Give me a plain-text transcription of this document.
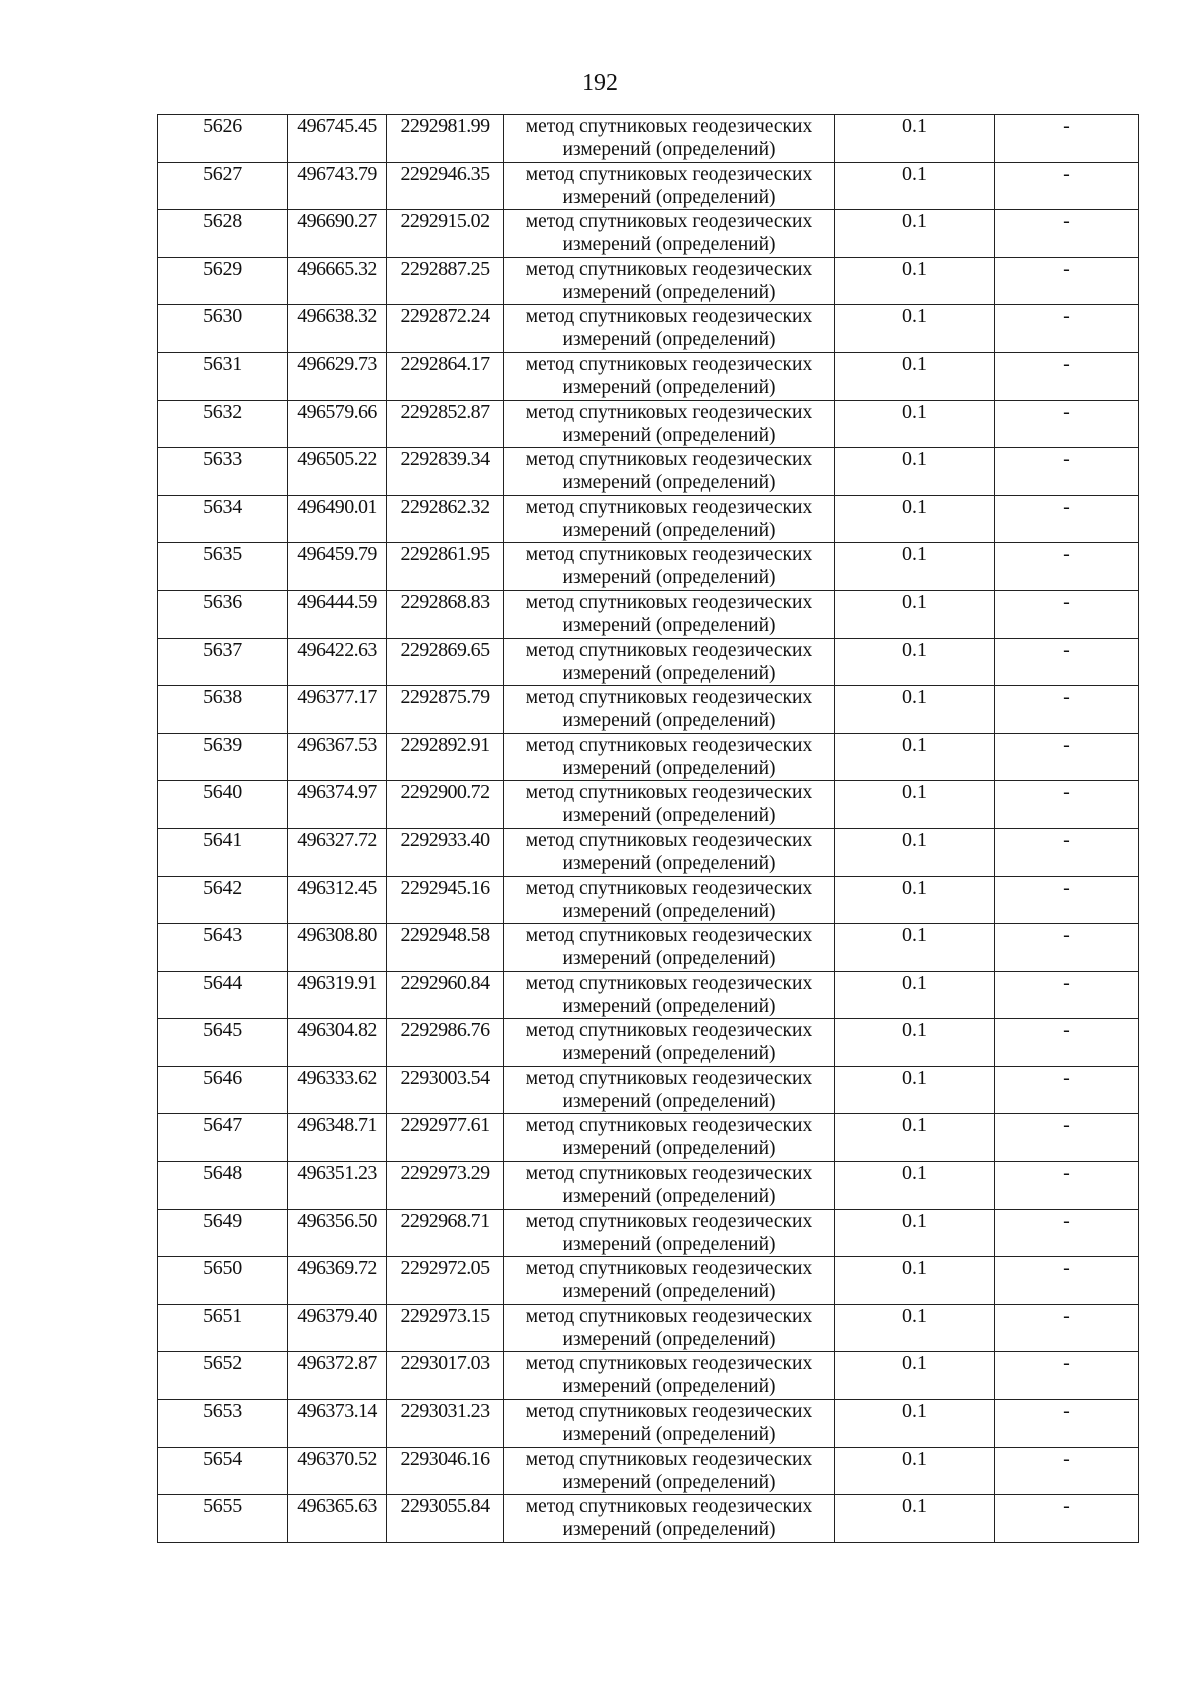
192
5626	496745.45	2292981.99	метод спутниковых геодезических
измерений (определений)	0.1	-
5627	496743.79	2292946.35	метод спутниковых геодезических
измерений (определений)	0.1	-
5628	496690.27	2292915.02	метод спутниковых геодезических
измерений (определений)	0.1	-
5629	496665.32	2292887.25	метод спутниковых геодезических
измерений (определений)	0.1	-
5630	496638.32	2292872.24	метод спутниковых геодезических
измерений (определений)	0.1	-
5631	496629.73	2292864.17	метод спутниковых геодезических
измерений (определений)	0.1	-
5632	496579.66	2292852.87	метод спутниковых геодезических
измерений (определений)	0.1	-
5633	496505.22	2292839.34	метод спутниковых геодезических
измерений (определений)	0.1	-
5634	496490.01	2292862.32	метод спутниковых геодезических
измерений (определений)	0.1	-
5635	496459.79	2292861.95	метод спутниковых геодезических
измерений (определений)	0.1	-
5636	496444.59	2292868.83	метод спутниковых геодезических
измерений (определений)	0.1	-
5637	496422.63	2292869.65	метод спутниковых геодезических
измерений (определений)	0.1	-
5638	496377.17	2292875.79	метод спутниковых геодезических
измерений (определений)	0.1	-
5639	496367.53	2292892.91	метод спутниковых геодезических
измерений (определений)	0.1	-
5640	496374.97	2292900.72	метод спутниковых геодезических
измерений (определений)	0.1	-
5641	496327.72	2292933.40	метод спутниковых геодезических
измерений (определений)	0.1	-
5642	496312.45	2292945.16	метод спутниковых геодезических
измерений (определений)	0.1	-
5643	496308.80	2292948.58	метод спутниковых геодезических
измерений (определений)	0.1	-
5644	496319.91	2292960.84	метод спутниковых геодезических
измерений (определений)	0.1	-
5645	496304.82	2292986.76	метод спутниковых геодезических
измерений (определений)	0.1	-
5646	496333.62	2293003.54	метод спутниковых геодезических
измерений (определений)	0.1	-
5647	496348.71	2292977.61	метод спутниковых геодезических
измерений (определений)	0.1	-
5648	496351.23	2292973.29	метод спутниковых геодезических
измерений (определений)	0.1	-
5649	496356.50	2292968.71	метод спутниковых геодезических
измерений (определений)	0.1	-
5650	496369.72	2292972.05	метод спутниковых геодезических
измерений (определений)	0.1	-
5651	496379.40	2292973.15	метод спутниковых геодезических
измерений (определений)	0.1	-
5652	496372.87	2293017.03	метод спутниковых геодезических
измерений (определений)	0.1	-
5653	496373.14	2293031.23	метод спутниковых геодезических
измерений (определений)	0.1	-
5654	496370.52	2293046.16	метод спутниковых геодезических
измерений (определений)	0.1	-
5655	496365.63	2293055.84	метод спутниковых геодезических
измерений (определений)	0.1	-
